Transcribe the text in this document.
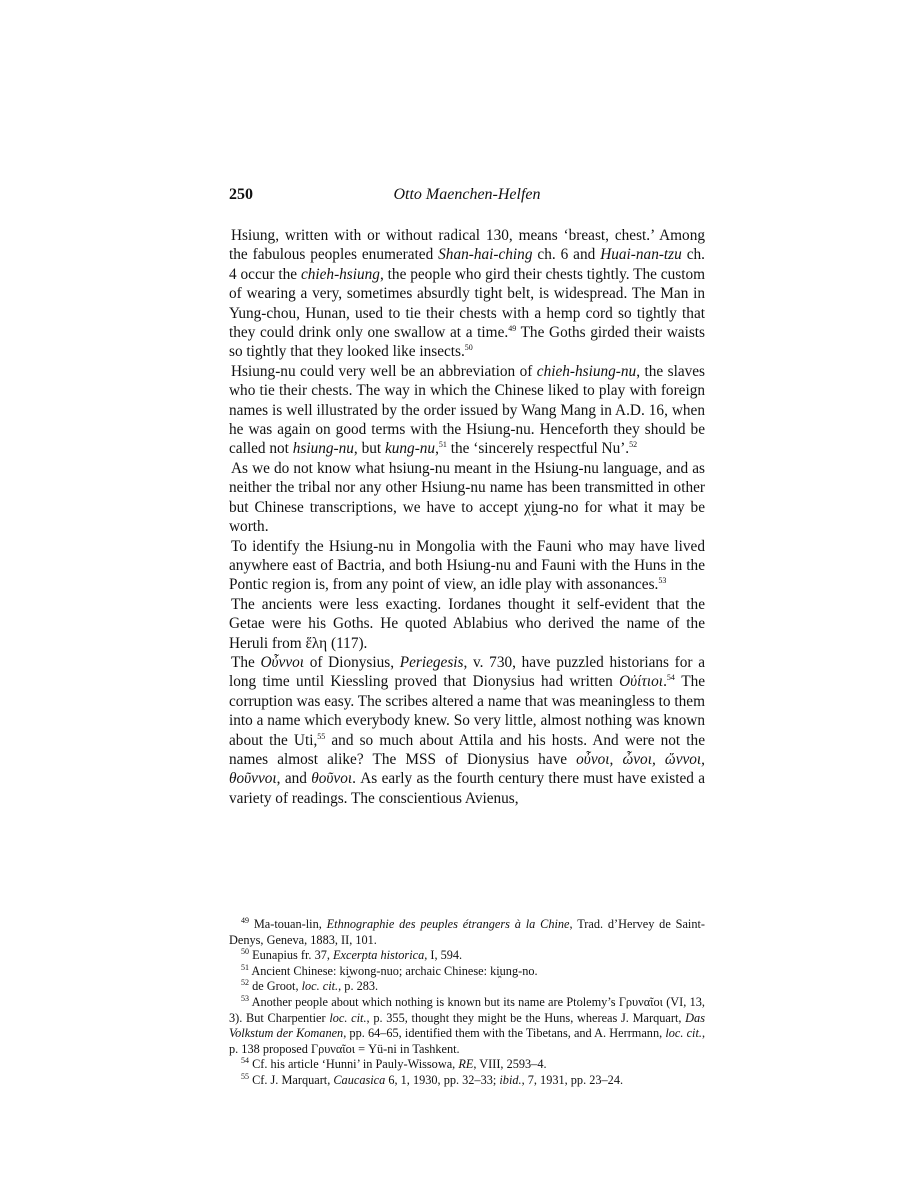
250	Otto Maenchen-Helfen

Hsiung, written with or without radical 130, means ‘breast, chest.’ Among the fabulous peoples enumerated Shan-hai-ching ch. 6 and Huai-nan-tzu ch. 4 occur the chieh-hsiung, the people who gird their chests tightly. The custom of wearing a very, sometimes absurdly tight belt, is widespread. The Man in Yung-chou, Hunan, used to tie their chests with a hemp cord so tightly that they could drink only one swallow at a time.$^{49}$ The Goths girded their waists so tightly that they looked like insects.$^{50}$

Hsiung-nu could very well be an abbreviation of chieh-hsiung-nu, the slaves who tie their chests. The way in which the Chinese liked to play with foreign names is well illustrated by the order issued by Wang Mang in A.D. 16, when he was again on good terms with the Hsiung-nu. Henceforth they should be called not hsiung-nu, but kung-nu,$^{51}$ the ‘sincerely respectful Nu’.$^{52}$

As we do not know what hsiung-nu meant in the Hsiung-nu language, and as neither the tribal nor any other Hsiung-nu name has been transmitted in other but Chinese transcriptions, we have to accept χi̯ung-no for what it may be worth.

To identify the Hsiung-nu in Mongolia with the Fauni who may have lived anywhere east of Bactria, and both Hsiung-nu and Fauni with the Huns in the Pontic region is, from any point of view, an idle play with assonances.$^{53}$

The ancients were less exacting. Iordanes thought it self-evident that the Getae were his Goths. He quoted Ablabius who derived the name of the Heruli from ἕλη (117).

The Οὖννοι of Dionysius, Periegesis, v. 730, have puzzled historians for a long time until Kiessling proved that Dionysius had written Οὐίτιοι.$^{54}$ The corruption was easy. The scribes altered a name that was meaningless to them into a name which everybody knew. So very little, almost nothing was known about the Uti,$^{55}$ and so much about Attila and his hosts. And were not the names almost alike? The MSS of Dionysius have οὖνοι, ὦνοι, ὤννοι, θοῦννοι, and θοῦνοι. As early as the fourth century there must have existed a variety of readings. The conscientious Avienus,

$^{49}$ Ma-touan-lin, Ethnographie des peuples étrangers à la Chine, Trad. d’Hervey de Saint-Denys, Geneva, 1883, II, 101.

$^{50}$ Eunapius fr. 37, Excerpta historica, I, 594.

$^{51}$ Ancient Chinese: ki̯wong-nuo; archaic Chinese: ki̯ung-no.

$^{52}$ de Groot, loc. cit., p. 283.

$^{53}$ Another people about which nothing is known but its name are Ptolemy’s Γρυναῖοι (VI, 13, 3). But Charpentier loc. cit., p. 355, thought they might be the Huns, whereas J. Marquart, Das Volkstum der Komanen, pp. 64–65, identified them with the Tibetans, and A. Herrmann, loc. cit., p. 138 proposed Γρυναῖοι = Yü-ni in Tashkent.

$^{54}$ Cf. his article ‘Hunni’ in Pauly-Wissowa, RE, VIII, 2593–4.

$^{55}$ Cf. J. Marquart, Caucasica 6, 1, 1930, pp. 32–33; ibid., 7, 1931, pp. 23–24.
